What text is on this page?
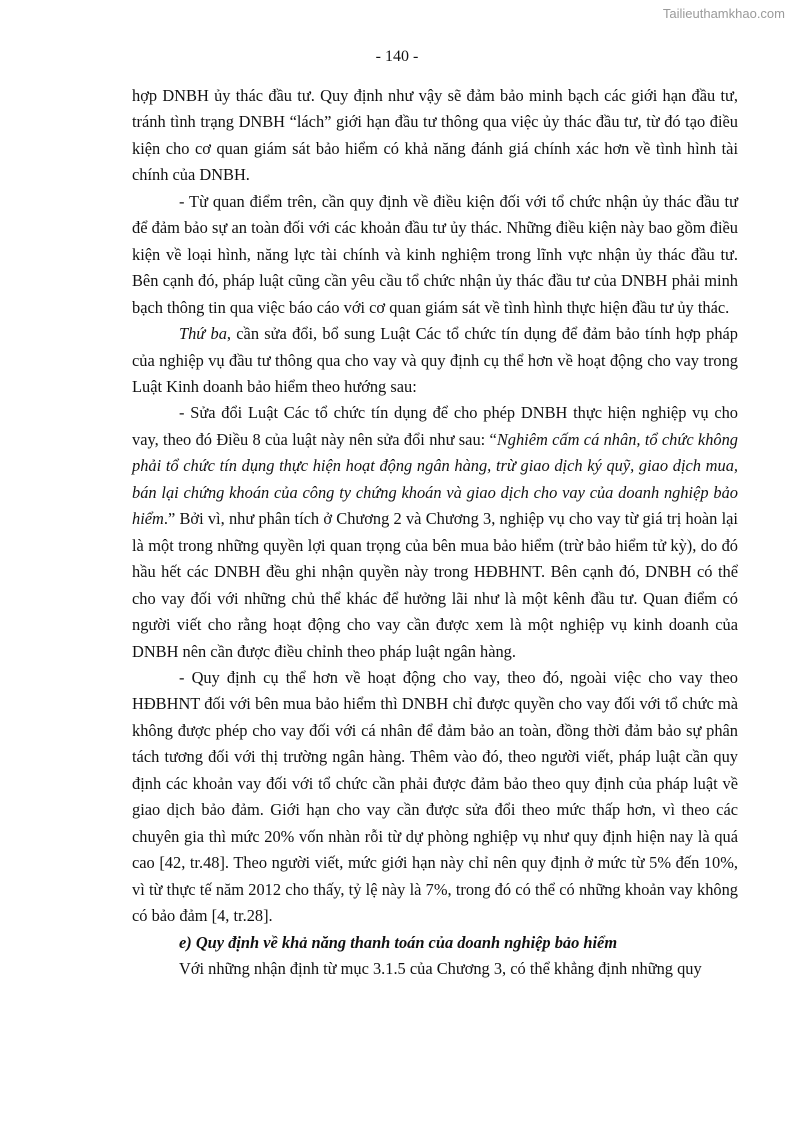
Tailieuthamkhao.com
- 140 -

hợp DNBH ủy thác đầu tư. Quy định như vậy sẽ đảm bảo minh bạch các giới hạn đầu tư, tránh tình trạng DNBH “lách” giới hạn đầu tư thông qua việc ủy thác đầu tư, từ đó tạo điều kiện cho cơ quan giám sát bảo hiểm có khả năng đánh giá chính xác hơn về tình hình tài chính của DNBH.

- Từ quan điểm trên, cần quy định về điều kiện đối với tổ chức nhận ủy thác đầu tư để đảm bảo sự an toàn đối với các khoản đầu tư ủy thác. Những điều kiện này bao gồm điều kiện về loại hình, năng lực tài chính và kinh nghiệm trong lĩnh vực nhận ủy thác đầu tư. Bên cạnh đó, pháp luật cũng cần yêu cầu tổ chức nhận ủy thác đầu tư của DNBH phải minh bạch thông tin qua việc báo cáo với cơ quan giám sát về tình hình thực hiện đầu tư ủy thác.

Thứ ba, cần sửa đổi, bổ sung Luật Các tổ chức tín dụng để đảm bảo tính hợp pháp của nghiệp vụ đầu tư thông qua cho vay và quy định cụ thể hơn về hoạt động cho vay trong Luật Kinh doanh bảo hiểm theo hướng sau:

- Sửa đổi Luật Các tổ chức tín dụng để cho phép DNBH thực hiện nghiệp vụ cho vay, theo đó Điều 8 của luật này nên sửa đổi như sau: “Nghiêm cấm cá nhân, tổ chức không phải tổ chức tín dụng thực hiện hoạt động ngân hàng, trừ giao dịch ký quỹ, giao dịch mua, bán lại chứng khoán của công ty chứng khoán và giao dịch cho vay của doanh nghiệp bảo hiểm.” Bởi vì, như phân tích ở Chương 2 và Chương 3, nghiệp vụ cho vay từ giá trị hoàn lại là một trong những quyền lợi quan trọng của bên mua bảo hiểm (trừ bảo hiểm tử kỳ), do đó hầu hết các DNBH đều ghi nhận quyền này trong HĐBHNT. Bên cạnh đó, DNBH có thể cho vay đối với những chủ thể khác để hưởng lãi như là một kênh đầu tư. Quan điểm có người viết cho rằng hoạt động cho vay cần được xem là một nghiệp vụ kinh doanh của DNBH nên cần được điều chỉnh theo pháp luật ngân hàng.

- Quy định cụ thể hơn về hoạt động cho vay, theo đó, ngoài việc cho vay theo HĐBHNT đối với bên mua bảo hiểm thì DNBH chỉ được quyền cho vay đối với tổ chức mà không được phép cho vay đối với cá nhân để đảm bảo an toàn, đồng thời đảm bảo sự phân tách tương đối với thị trường ngân hàng. Thêm vào đó, theo người viết, pháp luật cần quy định các khoản vay đối với tổ chức cần phải được đảm bảo theo quy định của pháp luật về giao dịch bảo đảm. Giới hạn cho vay cần được sửa đổi theo mức thấp hơn, vì theo các chuyên gia thì mức 20% vốn nhàn rỗi từ dự phòng nghiệp vụ như quy định hiện nay là quá cao [42, tr.48]. Theo người viết, mức giới hạn này chỉ nên quy định ở mức từ 5% đến 10%, vì từ thực tế năm 2012 cho thấy, tỷ lệ này là 7%, trong đó có thể có những khoản vay không có bảo đảm [4, tr.28].

e) Quy định về khả năng thanh toán của doanh nghiệp bảo hiểm

Với những nhận định từ mục 3.1.5 của Chương 3, có thể khẳng định những quy
